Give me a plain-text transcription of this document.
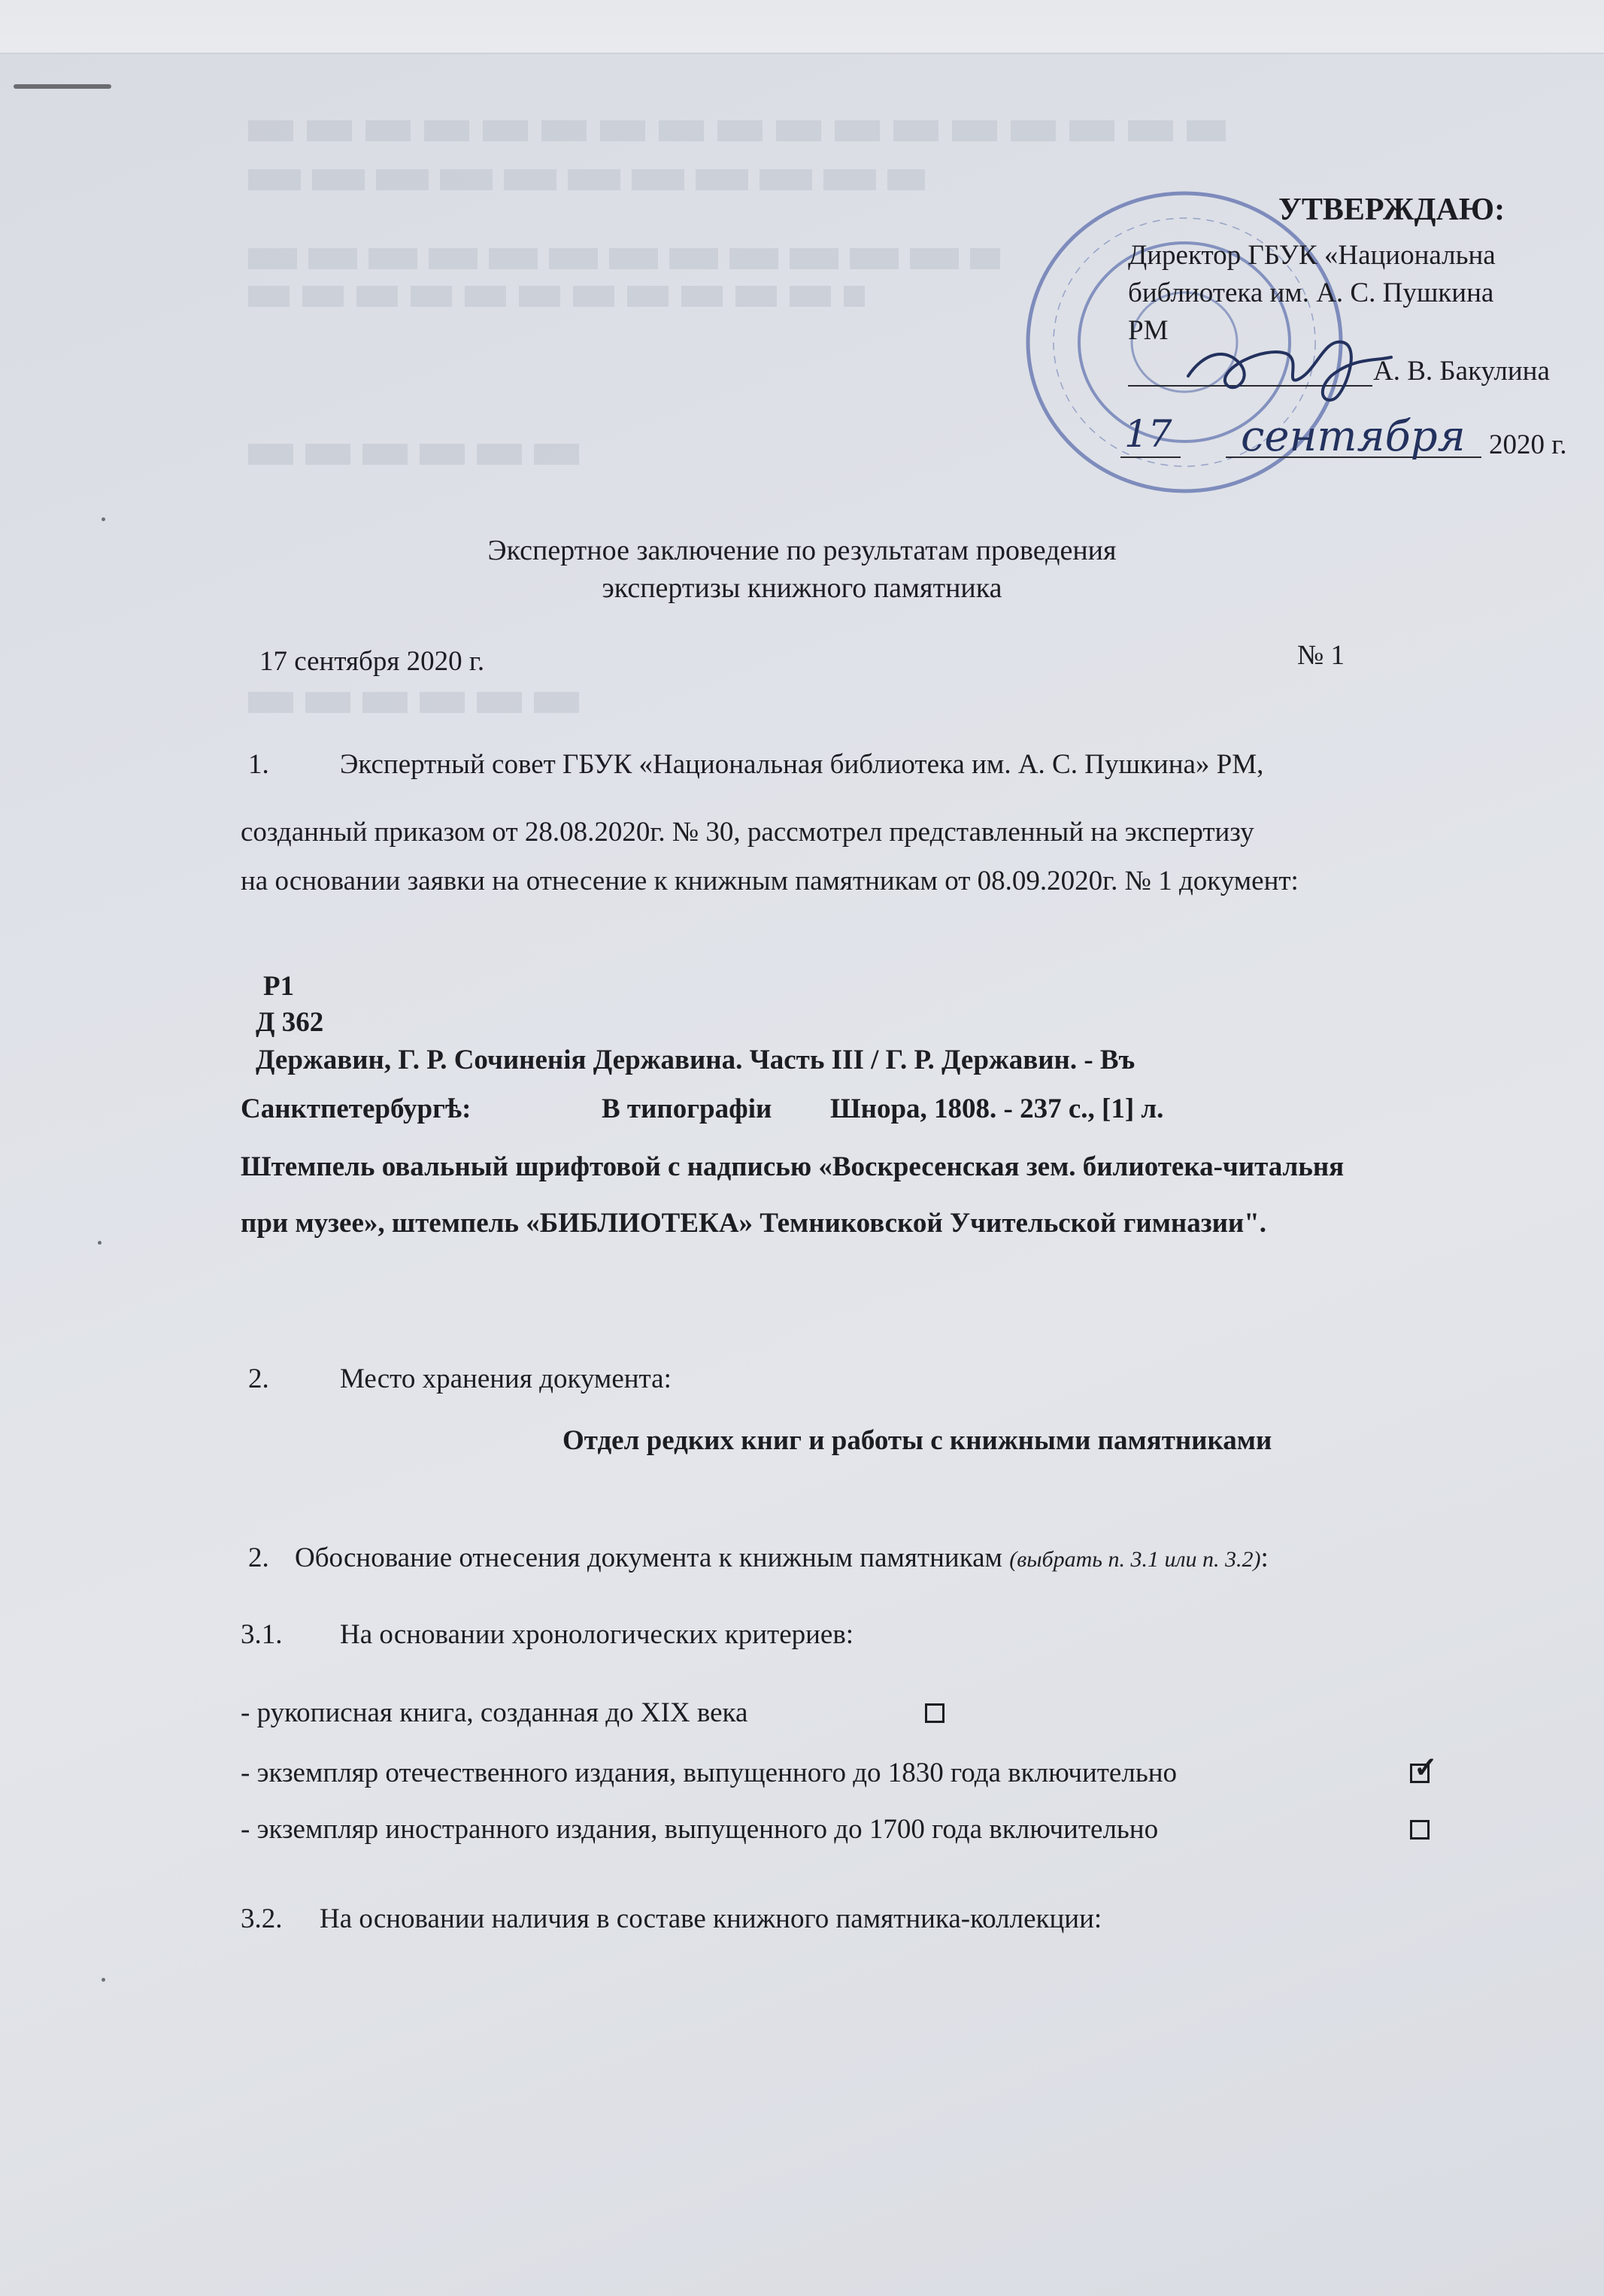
УТВЕРЖДАЮ:
Директор ГБУК «Национальна
библиотека им. А. С. Пушкина
РМ
А. В. Бакулина
17 сентября 2020 г.
Экспертное заключение по результатам проведения
экспертизы книжного памятника
17 сентября 2020 г.	№ 1
1.	Экспертный совет ГБУК «Национальная библиотека им. А. С. Пушкина» РМ,
созданный приказом от 28.08.2020г. № 30, рассмотрел представленный на экспертизу
на основании заявки на отнесение к книжным памятникам от 08.09.2020г. № 1 документ:
Р1
Д 362
Державин, Г. Р. Сочиненія Державина. Часть III / Г. Р. Державин. - Въ
Санктпетербургѣ:	В типографіи Шнора, 1808. - 237 с., [1] л.
Штемпель овальный шрифтовой с надписью «Воскресенская зем. билиотека-читальня
при музее», штемпель «БИБЛИОТЕКА» Темниковской Учительской гимназии".
2.	Место хранения документа:
Отдел редких книг и работы с книжными памятниками
2. Обоснование отнесения документа к книжным памятникам (выбрать п. 3.1 или п. 3.2):
3.1. На основании хронологических критериев:
- рукописная книга, созданная до XIX века
- экземпляр отечественного издания, выпущенного до 1830 года включительно	✓
- экземпляр иностранного издания, выпущенного до 1700 года включительно
3.2. На основании наличия в составе книжного памятника-коллекции:
